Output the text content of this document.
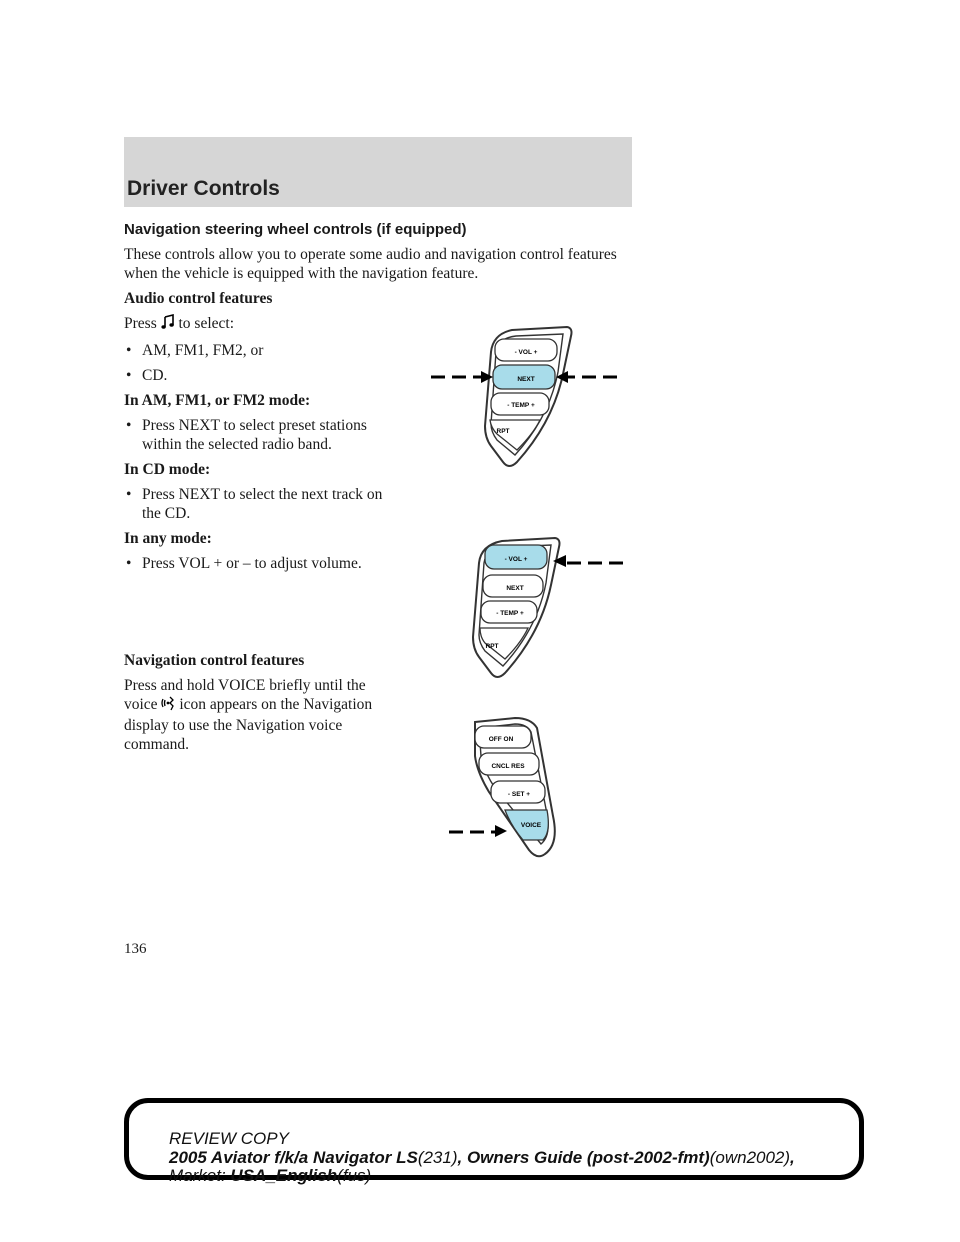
Driver Controls
Navigation steering wheel controls (if equipped)

These controls allow you to operate some audio and navigation control features when the vehicle is equipped with the navigation feature.

Audio control features

Press to select:

• AM, FM1, FM2, or
• CD.

In AM, FM1, or FM2 mode:

• Press NEXT to select preset stations within the selected radio band.

In CD mode:

• Press NEXT to select the next track on the CD.

In any mode:

• Press VOL + or – to adjust volume.

Navigation control features

Press and hold VOICE briefly until the voice icon appears on the Navigation display to use the Navigation voice command.

- VOL +
NEXT
- TEMP +
RPT
- VOL +
NEXT
- TEMP +
RPT
OFF ON
CNCL RES
- SET +
VOICE
136
REVIEW COPY
2005 Aviator f/k/a Navigator LS(231), Owners Guide (post-2002-fmt)(own2002),
Market: USA_English(fus)
